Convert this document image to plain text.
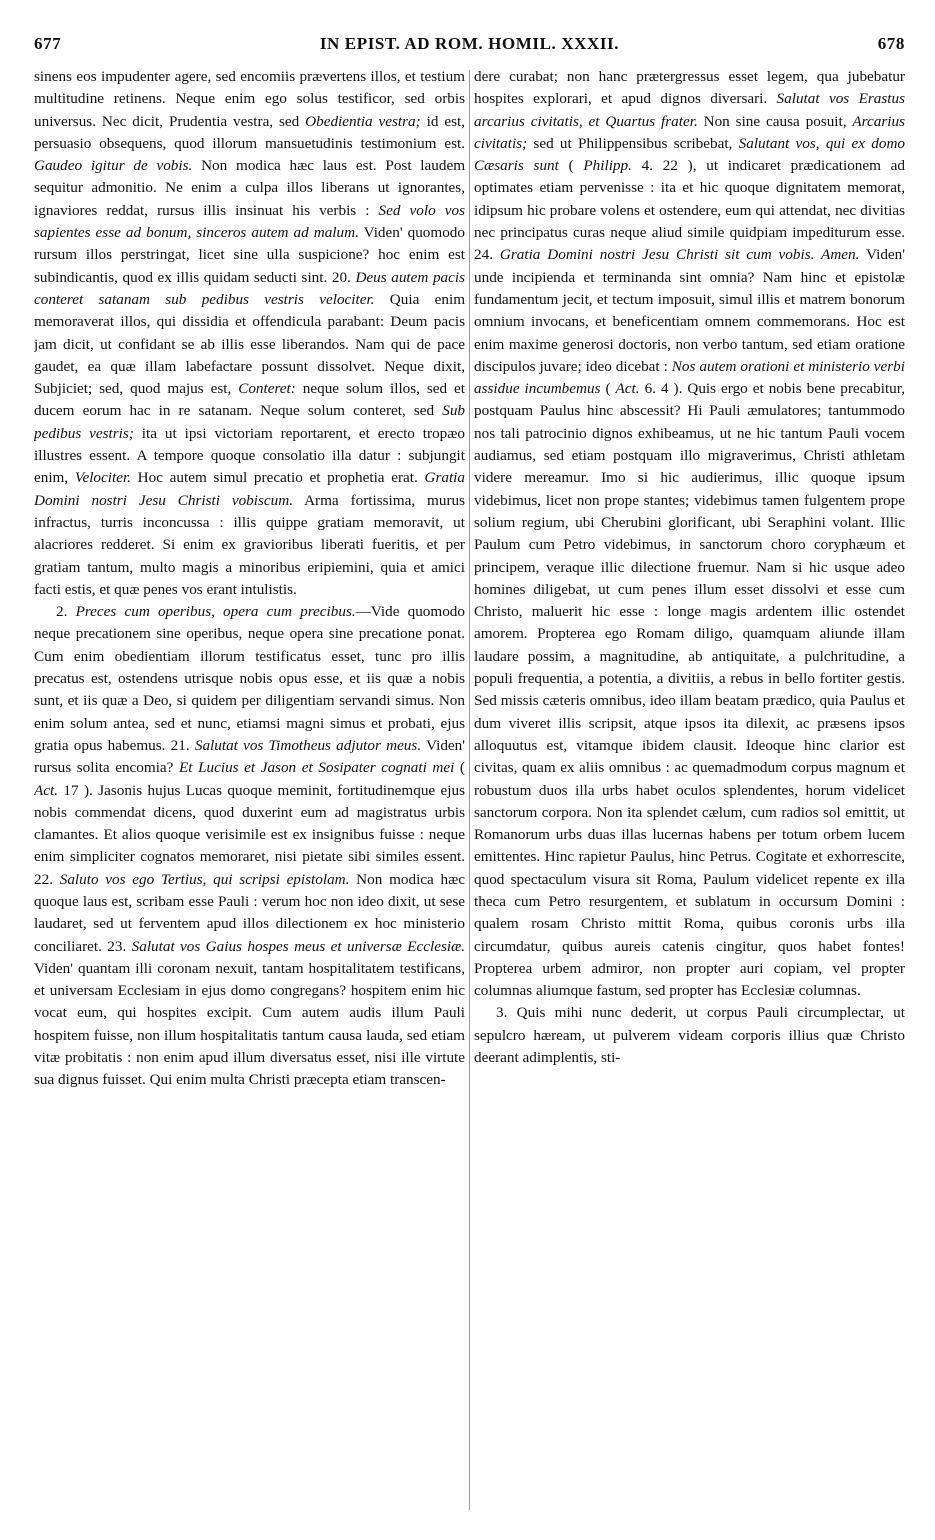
677	IN EPIST. AD ROM. HOMIL. XXXII.	678

sinens eos impudenter agere, sed encomiis prævertens illos, et testium multitudine retinens. Neque enim ego solus testificor, sed orbis universus. Nec dicit, Prudentia vestra, sed Obedientia vestra; id est, persuasio obsequens, quod illorum mansuetudinis testimonium est. Gaudeo igitur de vobis. Non modica hæc laus est. Post laudem sequitur admonitio. Ne enim a culpa illos liberans ut ignorantes, ignaviores reddat, rursus illis insinuat his verbis : Sed volo vos sapientes esse ad bonum, sinceros autem ad malum. Viden' quomodo rursum illos perstringat, licet sine ulla suspicione? hoc enim est subindicantis, quod ex illis quidam seducti sint. 20. Deus autem pacis conteret satanam sub pedibus vestris velociter. Quia enim memoraverat illos, qui dissidia et offendicula parabant: Deum pacis jam dicit, ut confidant se ab illis esse liberandos. Nam qui de pace gaudet, ea quæ illam labefactare possunt dissolvet. Neque dixit, Subjiciet; sed, quod majus est, Conteret: neque solum illos, sed et ducem eorum hac in re satanam. Neque solum conteret, sed Sub pedibus vestris; ita ut ipsi victoriam reportarent, et erecto tropæo illustres essent. A tempore quoque consolatio illa datur : subjungit enim, Velociter. Hoc autem simul precatio et prophetia erat. Gratia Domini nostri Jesu Christi vobiscum. Arma fortissima, murus infractus, turris inconcussa : illis quippe gratiam memoravit, ut alacriores redderet. Si enim ex gravioribus liberati fueritis, et per gratiam tantum, multo magis a minoribus eripiemini, quia et amici facti estis, et quæ penes vos erant intulistis.

2. Preces cum operibus, opera cum precibus.—Vide quomodo neque precationem sine operibus, neque opera sine precatione ponat. Cum enim obedientiam illorum testificatus esset, tunc pro illis precatus est, ostendens utrisque nobis opus esse, et iis quæ a nobis sunt, et iis quæ a Deo, si quidem per diligentiam servandi simus. Non enim solum antea, sed et nunc, etiamsi magni simus et probati, ejus gratia opus habemus. 21. Salutat vos Timotheus adjutor meus. Viden' rursus solita encomia? Et Lucius et Jason et Sosipater cognati mei ( Act. 17 ). Jasonis hujus Lucas quoque meminit, fortitudinemque ejus nobis commendat dicens, quod duxerint eum ad magistratus urbis clamantes. Et alios quoque verisimile est ex insignibus fuisse : neque enim simpliciter cognatos memoraret, nisi pietate sibi similes essent. 22. Saluto vos ego Tertius, qui scripsi epistolam. Non modica hæc quoque laus est, scribam esse Pauli : verum hoc non ideo dixit, ut sese laudaret, sed ut ferventem apud illos dilectionem ex hoc ministerio conciliaret. 23. Salutat vos Gaius hospes meus et universæ Ecclesiæ. Viden' quantam illi coronam nexuit, tantam hospitalitatem testificans, et universam Ecclesiam in ejus domo congregans? hospitem enim hic vocat eum, qui hospites excipit. Cum autem audis illum Pauli hospitem fuisse, non illum hospitalitatis tantum causa lauda, sed etiam vitæ probitatis : non enim apud illum diversatus esset, nisi ille virtute sua dignus fuisset. Qui enim multa Christi præcepta etiam transcen-

dere curabat; non hanc prætergressus esset legem, qua jubebatur hospites explorari, et apud dignos diversari. Salutat vos Erastus arcarius civitatis, et Quartus frater. Non sine causa posuit, Arcarius civitatis; sed ut Philippensibus scribebat, Salutant vos, qui ex domo Cæsaris sunt ( Philipp. 4. 22 ), ut indicaret prædicationem ad optimates etiam pervenisse : ita et hic quoque dignitatem memorat, idipsum hic probare volens et ostendere, eum qui attendat, nec divitias nec principatus curas neque aliud simile quidpiam impediturum esse. 24. Gratia Domini nostri Jesu Christi sit cum vobis. Amen. Viden' unde incipienda et terminanda sint omnia? Nam hinc et epistolæ fundamentum jecit, et tectum imposuit, simul illis et matrem bonorum omnium invocans, et beneficentiam omnem commemorans. Hoc est enim maxime generosi doctoris, non verbo tantum, sed etiam oratione discipulos juvare; ideo dicebat : Nos autem orationi et ministerio verbi assidue incumbemus ( Act. 6. 4 ). Quis ergo et nobis bene precabitur, postquam Paulus hinc abscessit? Hi Pauli æmulatores; tantummodo nos tali patrocinio dignos exhibeamus, ut ne hic tantum Pauli vocem audiamus, sed etiam postquam illo migraverimus, Christi athletam videre mereamur. Imo si hic audierimus, illic quoque ipsum videbimus, licet non prope stantes; videbimus tamen fulgentem prope solium regium, ubi Cherubini glorificant, ubi Seraphini volant. Illic Paulum cum Petro videbimus, in sanctorum choro coryphæum et principem, veraque illic dilectione fruemur. Nam si hic usque adeo homines diligebat, ut cum penes illum esset dissolvi et esse cum Christo, maluerit hic esse : longe magis ardentem illic ostendet amorem. Propterea ego Romam diligo, quamquam aliunde illam laudare possim, a magnitudine, ab antiquitate, a pulchritudine, a populi frequentia, a potentia, a divitiis, a rebus in bello fortiter gestis. Sed missis cæteris omnibus, ideo illam beatam prædico, quia Paulus et dum viveret illis scripsit, atque ipsos ita dilexit, ac præsens ipsos alloquutus est, vitamque ibidem clausit. Ideoque hinc clarior est civitas, quam ex aliis omnibus : ac quemadmodum corpus magnum et robustum duos illa urbs habet oculos splendentes, horum videlicet sanctorum corpora. Non ita splendet cælum, cum radios sol emittit, ut Romanorum urbs duas illas lucernas habens per totum orbem lucem emittentes. Hinc rapietur Paulus, hinc Petrus. Cogitate et exhorrescite, quod spectaculum visura sit Roma, Paulum videlicet repente ex illa theca cum Petro resurgentem, et sublatum in occursum Domini : qualem rosam Christo mittit Roma, quibus coronis urbs illa circumdatur, quibus aureis catenis cingitur, quos habet fontes! Propterea urbem admiror, non propter auri copiam, vel propter columnas aliumque fastum, sed propter has Ecclesiæ columnas.

3. Quis mihi nunc dederit, ut corpus Pauli circumplectar, ut sepulcro hæream, ut pulverem videam corporis illius quæ Christo deerant adimplentis, sti-
